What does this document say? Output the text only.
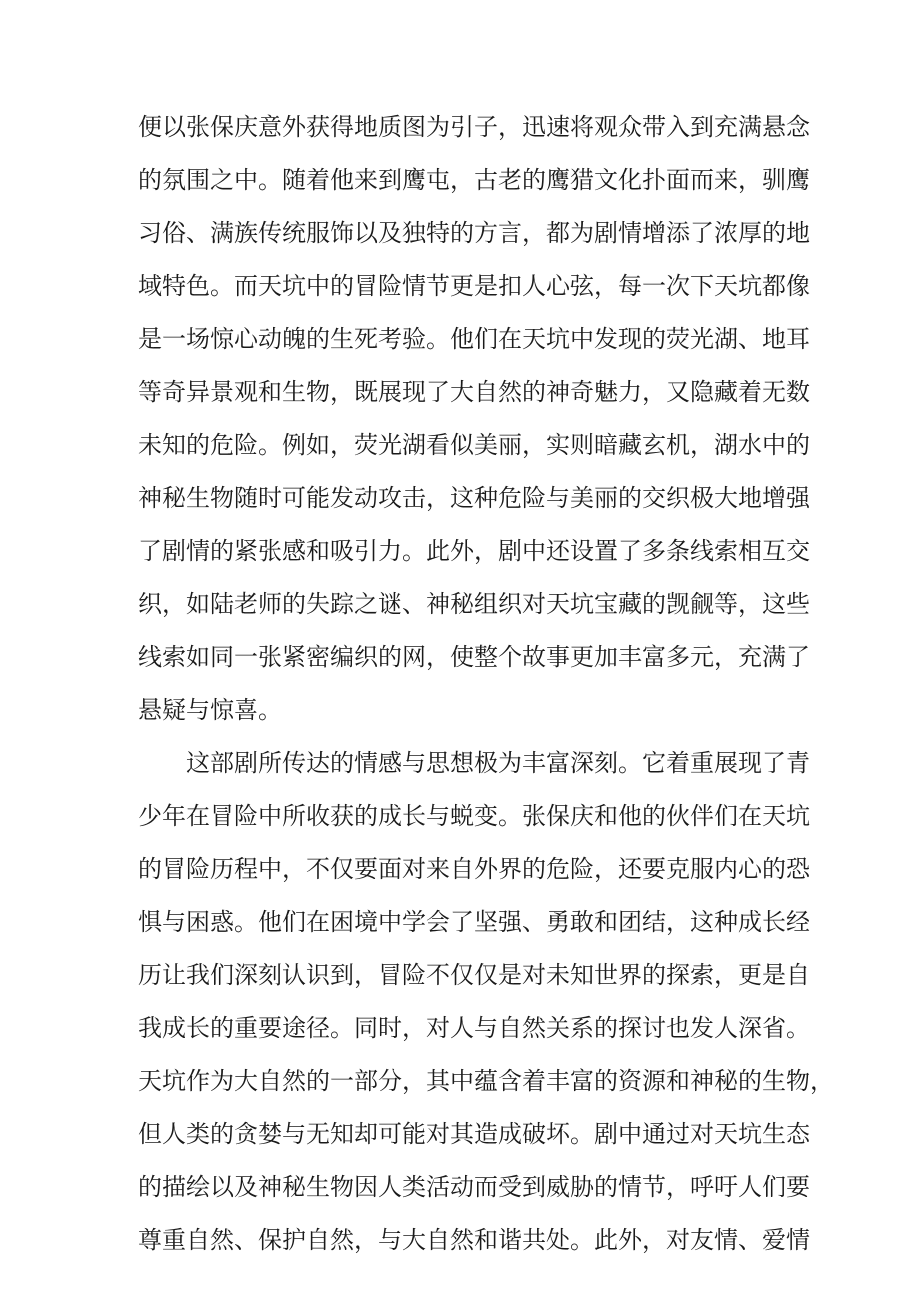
便以张保庆意外获得地质图为引子，迅速将观众带入到充满悬念
的氛围之中。随着他来到鹰屯，古老的鹰猎文化扑面而来，驯鹰
习俗、满族传统服饰以及独特的方言，都为剧情增添了浓厚的地
域特色。而天坑中的冒险情节更是扣人心弦，每一次下天坑都像
是一场惊心动魄的生死考验。他们在天坑中发现的荧光湖、地耳
等奇异景观和生物，既展现了大自然的神奇魅力，又隐藏着无数
未知的危险。例如，荧光湖看似美丽，实则暗藏玄机，湖水中的
神秘生物随时可能发动攻击，这种危险与美丽的交织极大地增强
了剧情的紧张感和吸引力。此外，剧中还设置了多条线索相互交
织，如陆老师的失踪之谜、神秘组织对天坑宝藏的觊觎等，这些
线索如同一张紧密编织的网，使整个故事更加丰富多元，充满了
悬疑与惊喜。
这部剧所传达的情感与思想极为丰富深刻。它着重展现了青
少年在冒险中所收获的成长与蜕变。张保庆和他的伙伴们在天坑
的冒险历程中，不仅要面对来自外界的危险，还要克服内心的恐
惧与困惑。他们在困境中学会了坚强、勇敢和团结，这种成长经
历让我们深刻认识到，冒险不仅仅是对未知世界的探索，更是自
我成长的重要途径。同时，对人与自然关系的探讨也发人深省。
天坑作为大自然的一部分，其中蕴含着丰富的资源和神秘的生物，
但人类的贪婪与无知却可能对其造成破坏。剧中通过对天坑生态
的描绘以及神秘生物因人类活动而受到威胁的情节，呼吁人们要
尊重自然、保护自然，与大自然和谐共处。此外，对友情、爱情
